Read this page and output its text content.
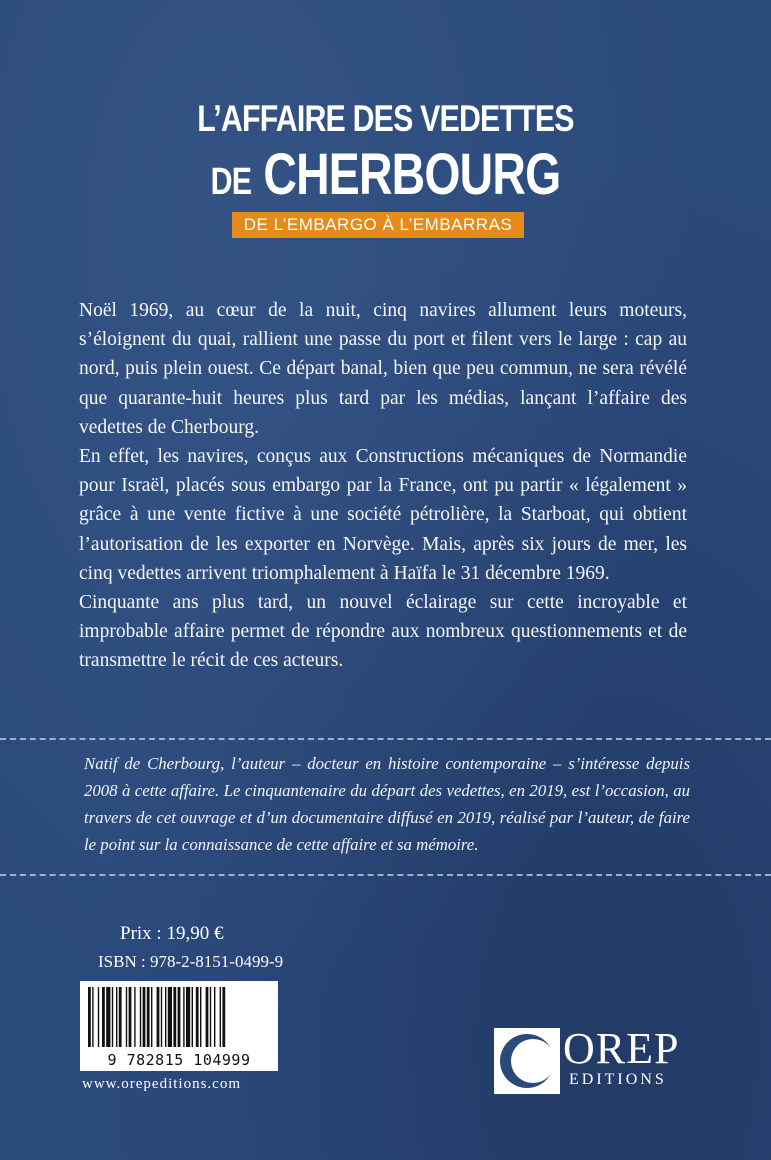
L’AFFAIRE DES VEDETTES
DE CHERBOURG
DE L’EMBARGO À L’EMBARRAS

Noël 1969, au cœur de la nuit, cinq navires allument leurs moteurs, s’éloignent du quai, rallient une passe du port et filent vers le large : cap au nord, puis plein ouest. Ce départ banal, bien que peu commun, ne sera révélé que quarante-huit heures plus tard par les médias, lançant l’affaire des vedettes de Cherbourg.

En effet, les navires, conçus aux Constructions mécaniques de Normandie pour Israël, placés sous embargo par la France, ont pu partir « légalement » grâce à une vente fictive à une société pétrolière, la Starboat, qui obtient l’autorisation de les exporter en Norvège. Mais, après six jours de mer, les cinq vedettes arrivent triomphalement à Haïfa le 31 décembre 1969.

Cinquante ans plus tard, un nouvel éclairage sur cette incroyable et improbable affaire permet de répondre aux nombreux questionnements et de transmettre le récit de ces acteurs.

Natif de Cherbourg, l’auteur – docteur en histoire contemporaine – s’intéresse depuis 2008 à cette affaire. Le cinquantenaire du départ des vedettes, en 2019, est l’occasion, au travers de cet ouvrage et d’un documentaire diffusé en 2019, réalisé par l’auteur, de faire le point sur la connaissance de cette affaire et sa mémoire.
Prix : 19,90 €
ISBN : 978-2-8151-0499-9
9 782815 104999
www.orepeditions.com
OREP
EDITIONS
